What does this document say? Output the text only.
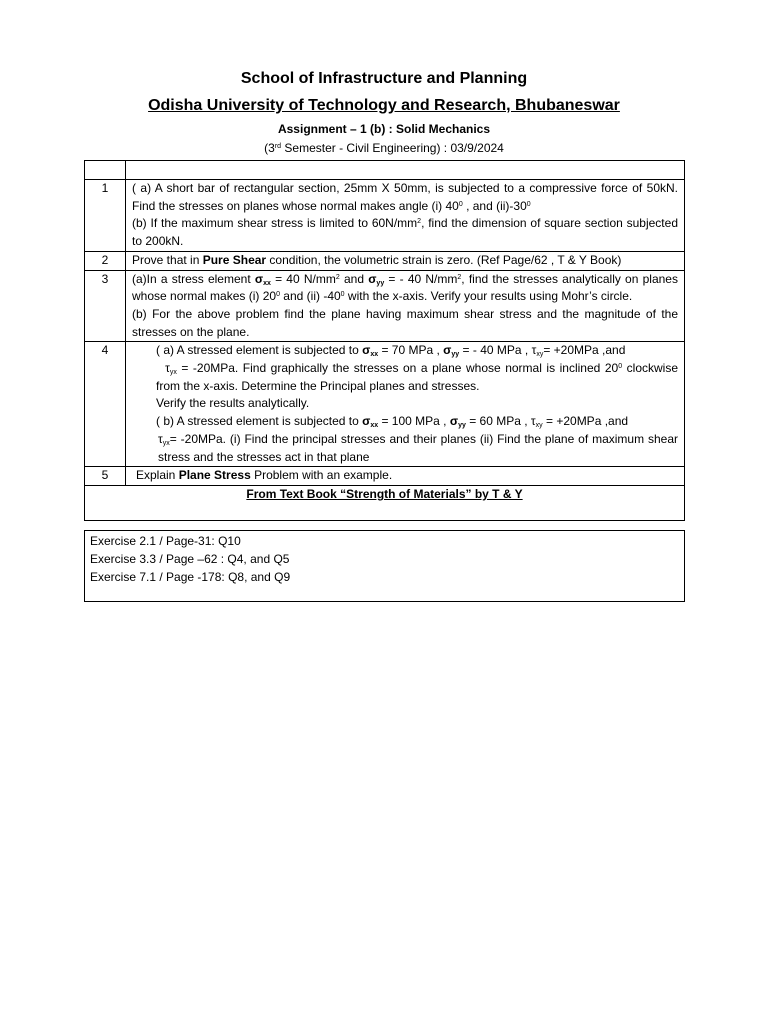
School of Infrastructure and Planning
Odisha University of Technology and Research, Bhubaneswar
Assignment – 1 (b) : Solid Mechanics
(3rd Semester - Civil Engineering) : 03/9/2024

1	( a) A short bar of rectangular section, 25mm X 50mm, is subjected to a compressive force of 50kN. Find the stresses on planes whose normal makes angle (i) $40^0$ , and $(ii)-30^0$
(b) If the maximum shear stress is limited to $60N/mm^2$, find the dimension of square section subjected to 200kN.

2	Prove that in Pure Shear condition, the volumetric strain is zero. (Ref Page/62 , T & Y Book)
3	(a)In a stress element $\sigma_{xx} = 40$ $N/mm^2$ and $\sigma_{yy}$ = - 40 $N/mm^2$, find the stresses analytically on planes whose normal makes (i) $20^0$ and (ii) $-40^0$ with the x-axis. Verify your results using Mohr’s circle.
(b) For the above problem find the plane having maximum shear stress and the magnitude of the stresses on the plane.

4	( a) A stressed element is subjected to $\sigma_{xx} = 70$ MPa , $\sigma_{yy}$ = - 40 MPa , $\tau_{xy}= +20MPa$ ,and
$\tau_{yx} = -20MPa$. Find graphically the stresses on a plane whose normal is inclined $20^0$ clockwise from the x-axis. Determine the Principal planes and stresses.
Verify the results analytically.
( b) A stressed element is subjected to $\sigma_{xx} = 100$ MPa , $\sigma_{yy} = 60$ MPa , $\tau_{xy} = +20MPa$ ,and
$\tau_{yx}= -20MPa$. (i) Find the principal stresses and their planes (ii) Find the plane of maximum shear stress and the stresses act in that plane

5	Explain Plane Stress Problem with an example.
From Text Book “Strength of Materials” by T & Y	
Exercise 2.1 / Page-31: Q10
Exercise 3.3 / Page –62 : Q4, and Q5
Exercise 7.1 / Page -178: Q8, and Q9
